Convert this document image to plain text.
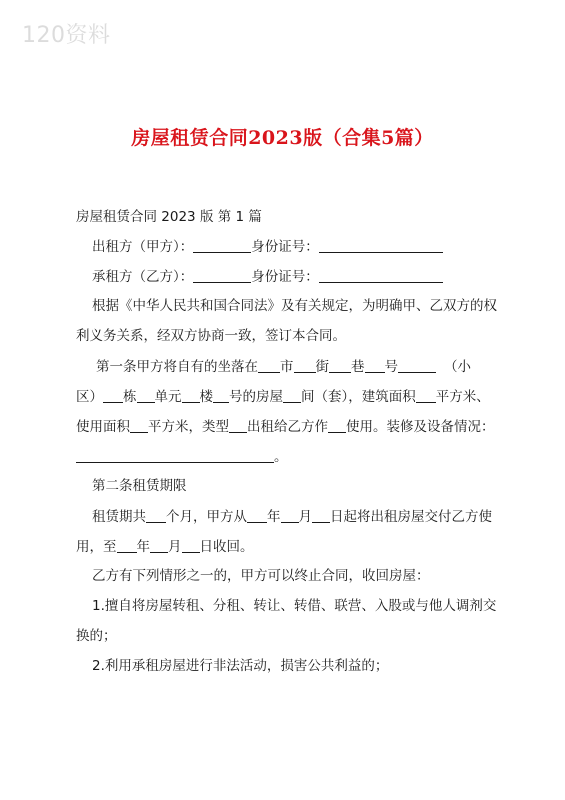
120资料
房屋租赁合同2023版（合集5篇）
房屋租赁合同 2023 版 第 1 篇
出租方（甲方）：	身份证号：
承租方（乙方）：	身份证号：
根据《中华人民共和国合同法》及有关规定，为明确甲、乙双方的权
利义务关系，经双方协商一致，签订本合同。
第一条甲方将自有的坐落在 市 街 巷 号	（小
区） 栋 单元 楼 号的房屋 间（套），建筑面积 平方米、
使用面积 平方米，类型 出租给乙方作 使用。装修及设备情况：
。
第二条租赁期限
租赁期共 个月，甲方从 年 月 日起将出租房屋交付乙方使
用，至 年 月 日收回。
乙方有下列情形之一的，甲方可以终止合同，收回房屋：
1.擅自将房屋转租、分租、转让、转借、联营、入股或与他人调剂交
换的；
2.利用承租房屋进行非法活动，损害公共利益的；
